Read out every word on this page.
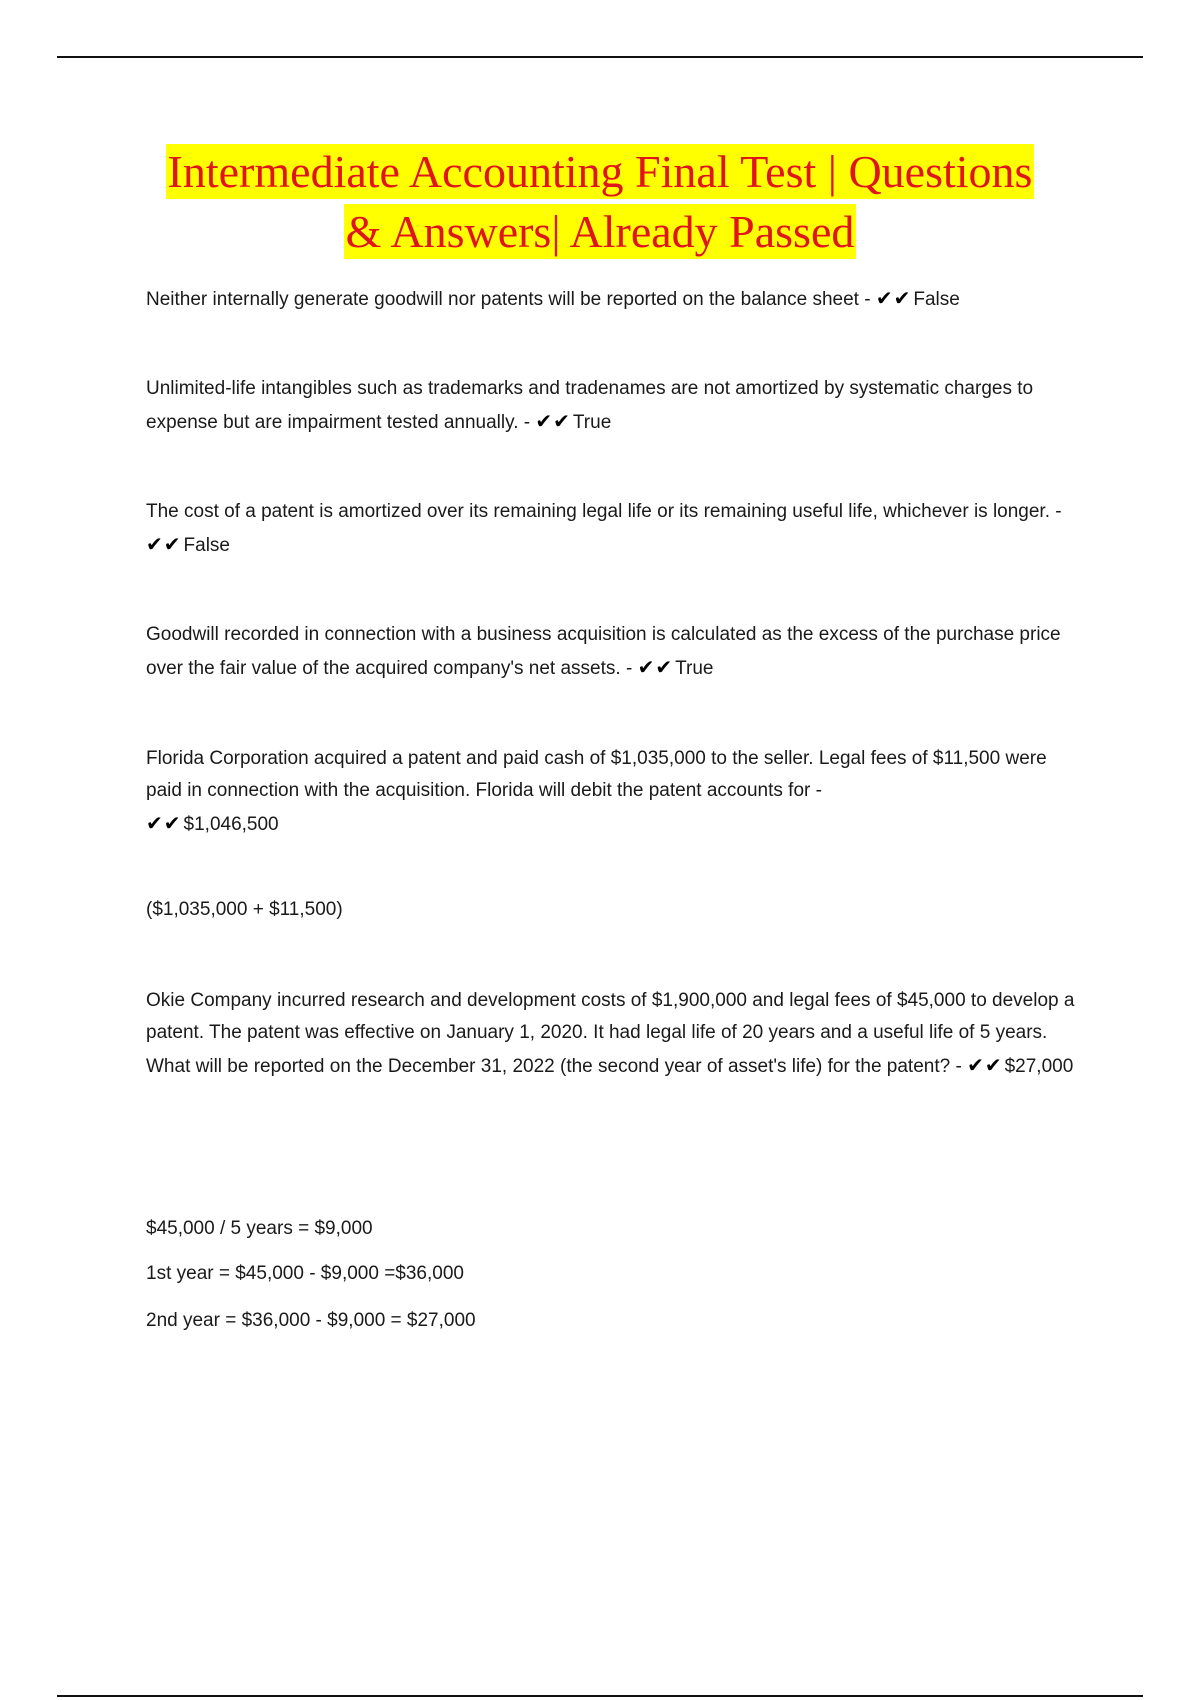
Intermediate Accounting Final Test | Questions
& Answers| Already Passed
Neither internally generate goodwill nor patents will be reported on the balance sheet - ✔✔ False
Unlimited-life intangibles such as trademarks and tradenames are not amortized by systematic charges to expense but are impairment tested annually. - ✔✔ True
The cost of a patent is amortized over its remaining legal life or its remaining useful life, whichever is longer. - ✔✔ False
Goodwill recorded in connection with a business acquisition is calculated as the excess of the purchase price over the fair value of the acquired company's net assets. - ✔✔ True
Florida Corporation acquired a patent and paid cash of $1,035,000 to the seller. Legal fees of $11,500 were paid in connection with the acquisition. Florida will debit the patent accounts for -
✔✔ $1,046,500
($1,035,000 + $11,500)
Okie Company incurred research and development costs of $1,900,000 and legal fees of $45,000 to develop a patent. The patent was effective on January 1, 2020. It had legal life of 20 years and a useful life of 5 years. What will be reported on the December 31, 2022 (the second year of asset's life) for the patent? - ✔✔ $27,000
$45,000 / 5 years = $9,000
1st year = $45,000 - $9,000 =$36,000
2nd year = $36,000 - $9,000 = $27,000
